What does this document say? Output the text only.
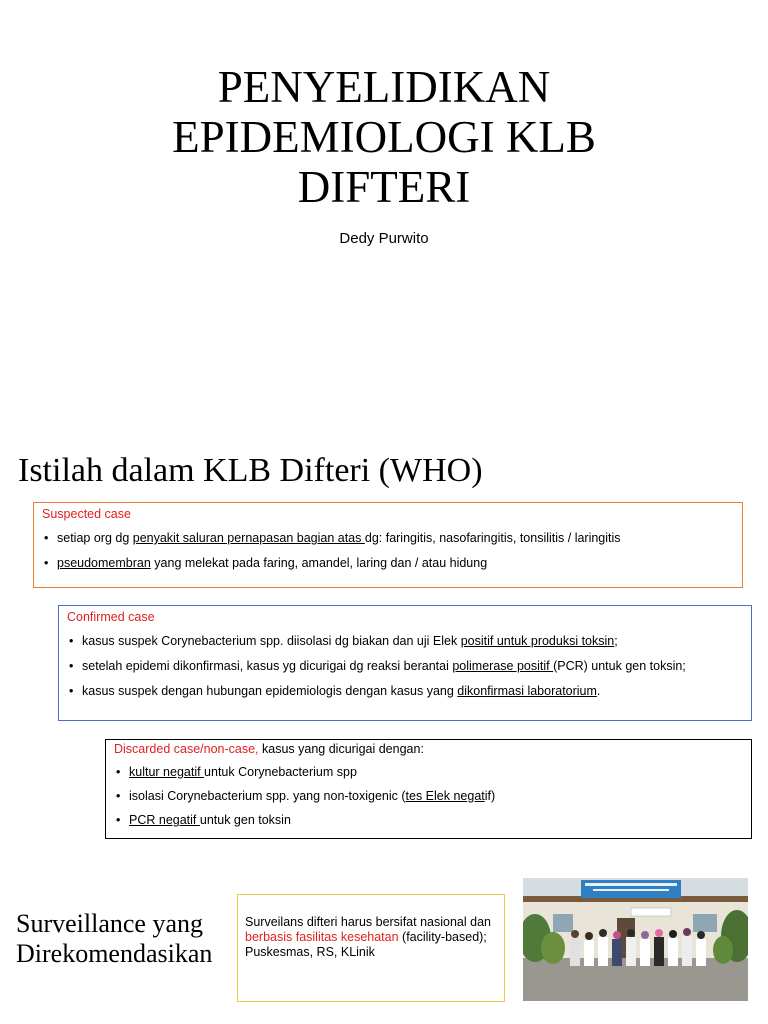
PENYELIDIKAN
EPIDEMIOLOGI KLB
DIFTERI
Dedy Purwito
Istilah dalam KLB Difteri (WHO)
Suspected case
• setiap org dg penyakit saluran pernapasan bagian atas dg: faringitis, nasofaringitis, tonsilitis / laringitis
• pseudomembran yang melekat pada faring, amandel, laring dan / atau hidung
Confirmed case
• kasus suspek Corynebacterium spp. diisolasi dg biakan dan uji Elek positif untuk produksi toksin;
• setelah epidemi dikonfirmasi, kasus yg dicurigai dg reaksi berantai polimerase positif (PCR) untuk gen toksin;
• kasus suspek dengan hubungan epidemiologis dengan kasus yang dikonfirmasi laboratorium.
Discarded case/non-case, kasus yang dicurigai dengan:
• kultur negatif untuk Corynebacterium spp
• isolasi Corynebacterium spp. yang non-toxigenic (tes Elek negatif)
• PCR negatif untuk gen toksin
Surveillance yang
Direkomendasikan
Surveilans difteri harus bersifat nasional dan berbasis fasilitas kesehatan (facility-based); Puskesmas, RS, KLinik
